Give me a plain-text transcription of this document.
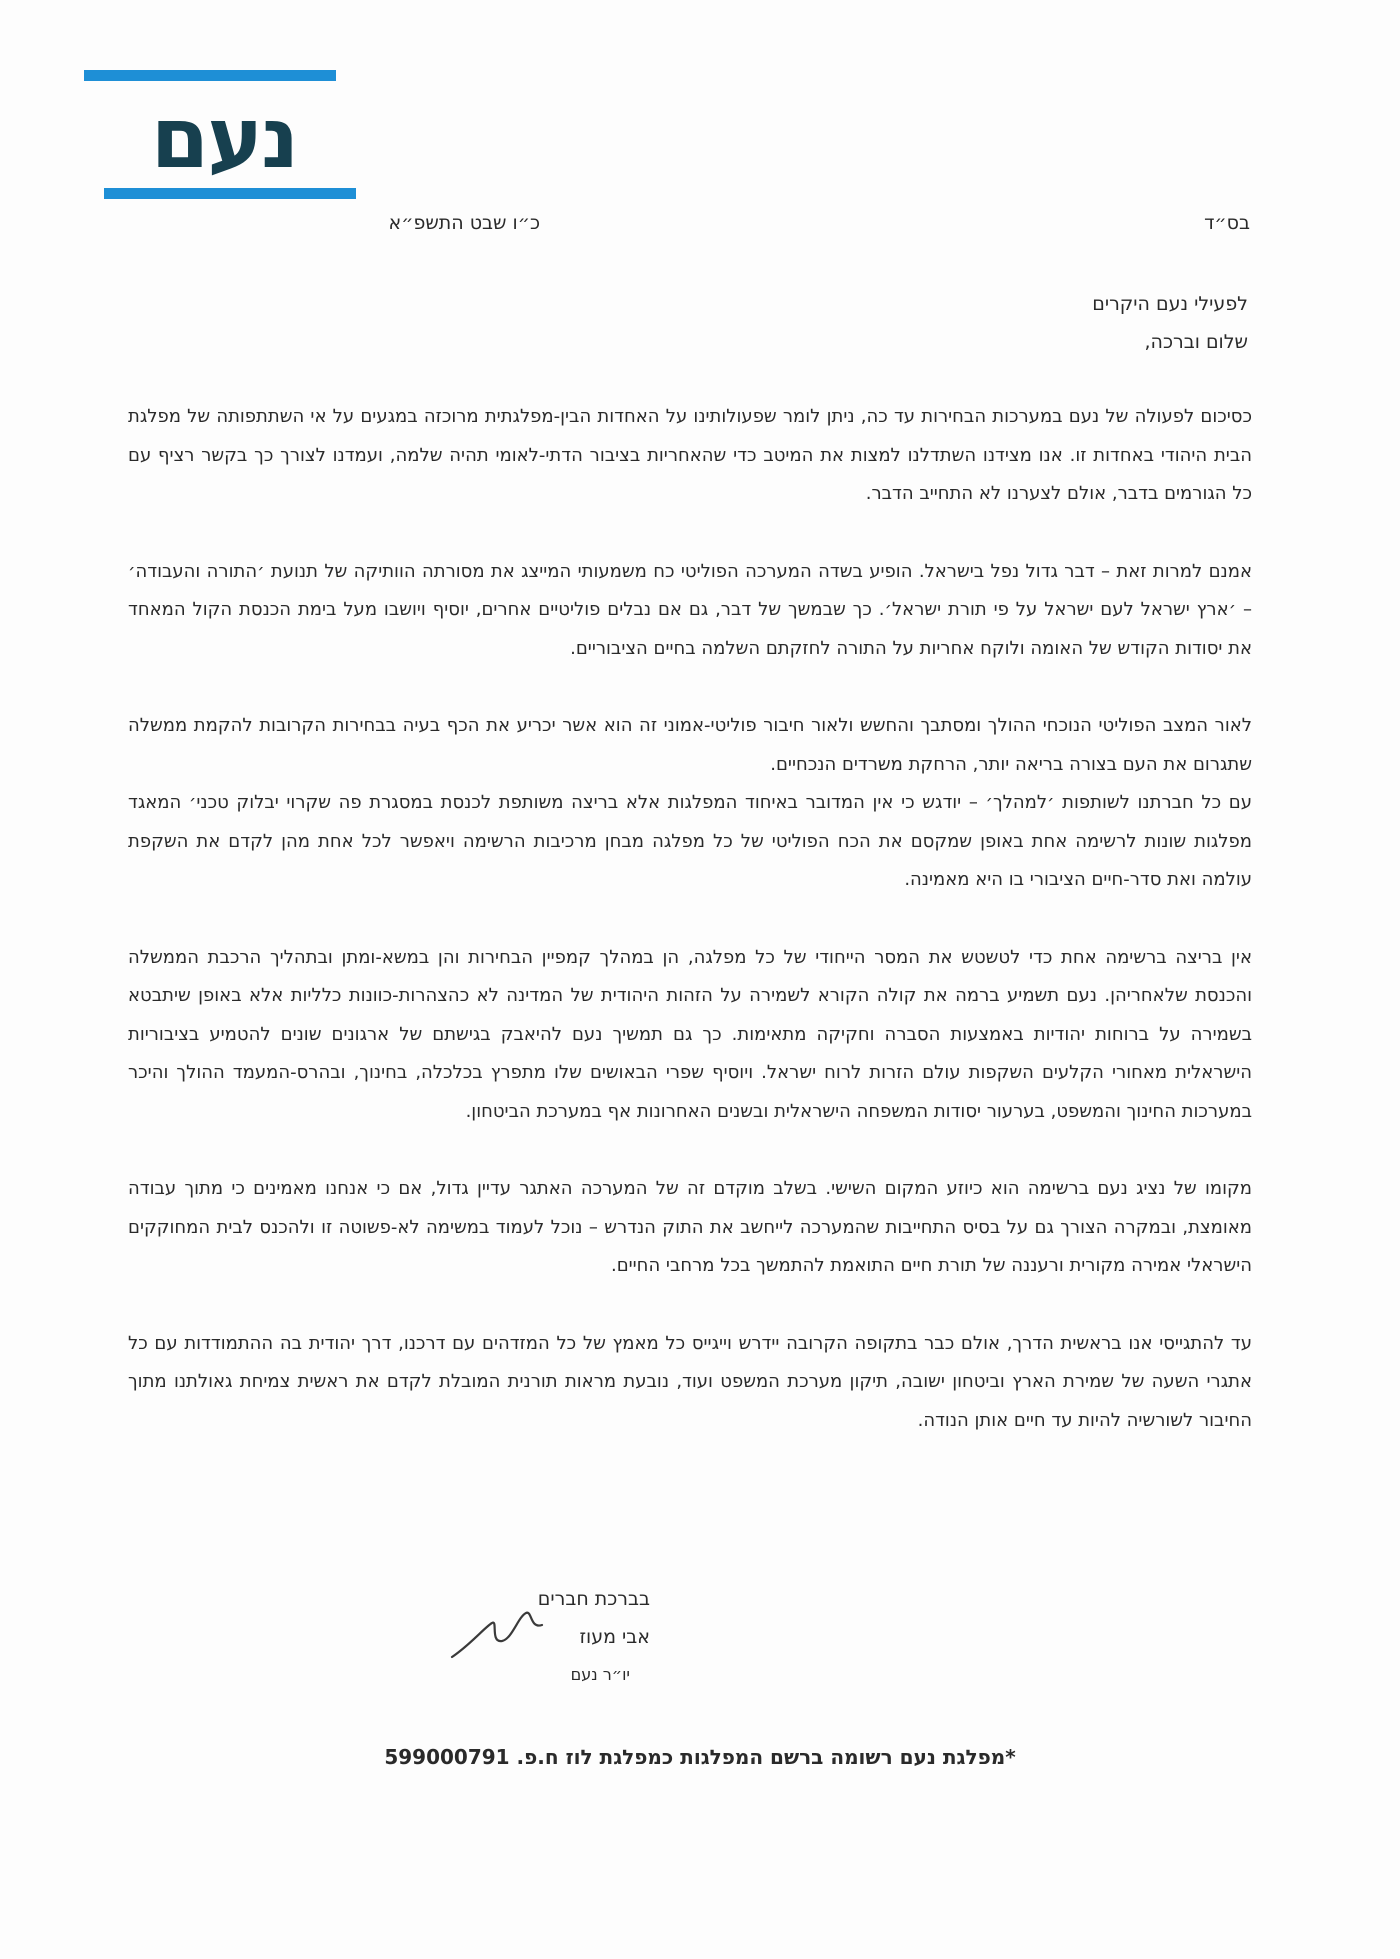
נעם
כ״ו שבט התשפ״א	בס״ד
לפעילי נעם היקרים
שלום וברכה,

כסיכום לפעולה של נעם במערכות הבחירות עד כה, ניתן לומר שפעולותינו על האחדות הבין-מפלגתית מרוכזה במגעים על אי השתתפותה של מפלגת הבית היהודי באחדות זו. אנו מצידנו השתדלנו למצות את המיטב כדי שהאחריות בציבור הדתי-לאומי תהיה שלמה, ועמדנו לצורך כך בקשר רציף עם כל הגורמים בדבר, אולם לצערנו לא התחייב הדבר.

אמנם למרות זאת – דבר גדול נפל בישראל. הופיע בשדה המערכה הפוליטי כח משמעותי המייצג את מסורתה הוותיקה של תנועת ׳התורה והעבודה׳ – ׳ארץ ישראל לעם ישראל על פי תורת ישראל׳. כך שבמשך של דבר, גם אם נבלים פוליטיים אחרים, יוסיף ויושבו מעל בימת הכנסת הקול המאחד את יסודות הקודש של האומה ולוקח אחריות על התורה לחזקתם השלמה בחיים הציבוריים.

לאור המצב הפוליטי הנוכחי ההולך ומסתבך והחשש ולאור חיבור פוליטי-אמוני זה הוא אשר יכריע את הכף בעיה בבחירות הקרובות להקמת ממשלה שתגרום את העם בצורה בריאה יותר, הרחקת משרדים הנכחיים.

עם כל חברתנו לשותפות ׳למהלך׳ – יודגש כי אין המדובר באיחוד המפלגות אלא בריצה משותפת לכנסת במסגרת פה שקרוי יבלוק טכני׳ המאגד מפלגות שונות לרשימה אחת באופן שמקסם את הכח הפוליטי של כל מפלגה מבחן מרכיבות הרשימה ויאפשר לכל אחת מהן לקדם את השקפת עולמה ואת סדר-חיים הציבורי בו היא מאמינה.

אין בריצה ברשימה אחת כדי לטשטש את המסר הייחודי של כל מפלגה, הן במהלך קמפיין הבחירות והן במשא-ומתן ובתהליך הרכבת הממשלה והכנסת שלאחריהן. נעם תשמיע ברמה את קולה הקורא לשמירה על הזהות היהודית של המדינה לא כהצהרות-כוונות כלליות אלא באופן שיתבטא בשמירה על ברוחות יהודיות באמצעות הסברה וחקיקה מתאימות. כך גם תמשיך נעם להיאבק בגישתם של ארגונים שונים להטמיע בציבוריות הישראלית מאחורי הקלעים השקפות עולם הזרות לרוח ישראל. ויוסיף שפרי הבאושים שלו מתפרץ בכלכלה, בחינוך, ובהרס-המעמד ההולך והיכר במערכות החינוך והמשפט, בערעור יסודות המשפחה הישראלית ובשנים האחרונות אף במערכת הביטחון.

מקומו של נציג נעם ברשימה הוא כיוזע המקום השישי. בשלב מוקדם זה של המערכה האתגר עדיין גדול, אם כי אנחנו מאמינים כי מתוך עבודה מאומצת, ובמקרה הצורך גם על בסיס התחייבות שהמערכה לייחשב את התוק הנדרש – נוכל לעמוד במשימה לא-פשוטה זו ולהכנס לבית המחוקקים הישראלי אמירה מקורית ורעננה של תורת חיים התואמת להתמשך בכל מרחבי החיים.

עד להתגייסי אנו בראשית הדרך, אולם כבר בתקופה הקרובה יידרש וייגייס כל מאמץ של כל המזדהים עם דרכנו, דרך יהודית בה ההתמודדות עם כל אתגרי השעה של שמירת הארץ וביטחון ישובה, תיקון מערכת המשפט ועוד, נובעת מראות תורנית המובלת לקדם את ראשית צמיחת גאולתנו מתוך החיבור לשורשיה להיות עד חיים אותן הנודה.

בברכת חברים
אבי מעוז
יו״ר נעם
*מפלגת נעם רשומה ברשם המפלגות כמפלגת לוז ח.פ. 599000791
